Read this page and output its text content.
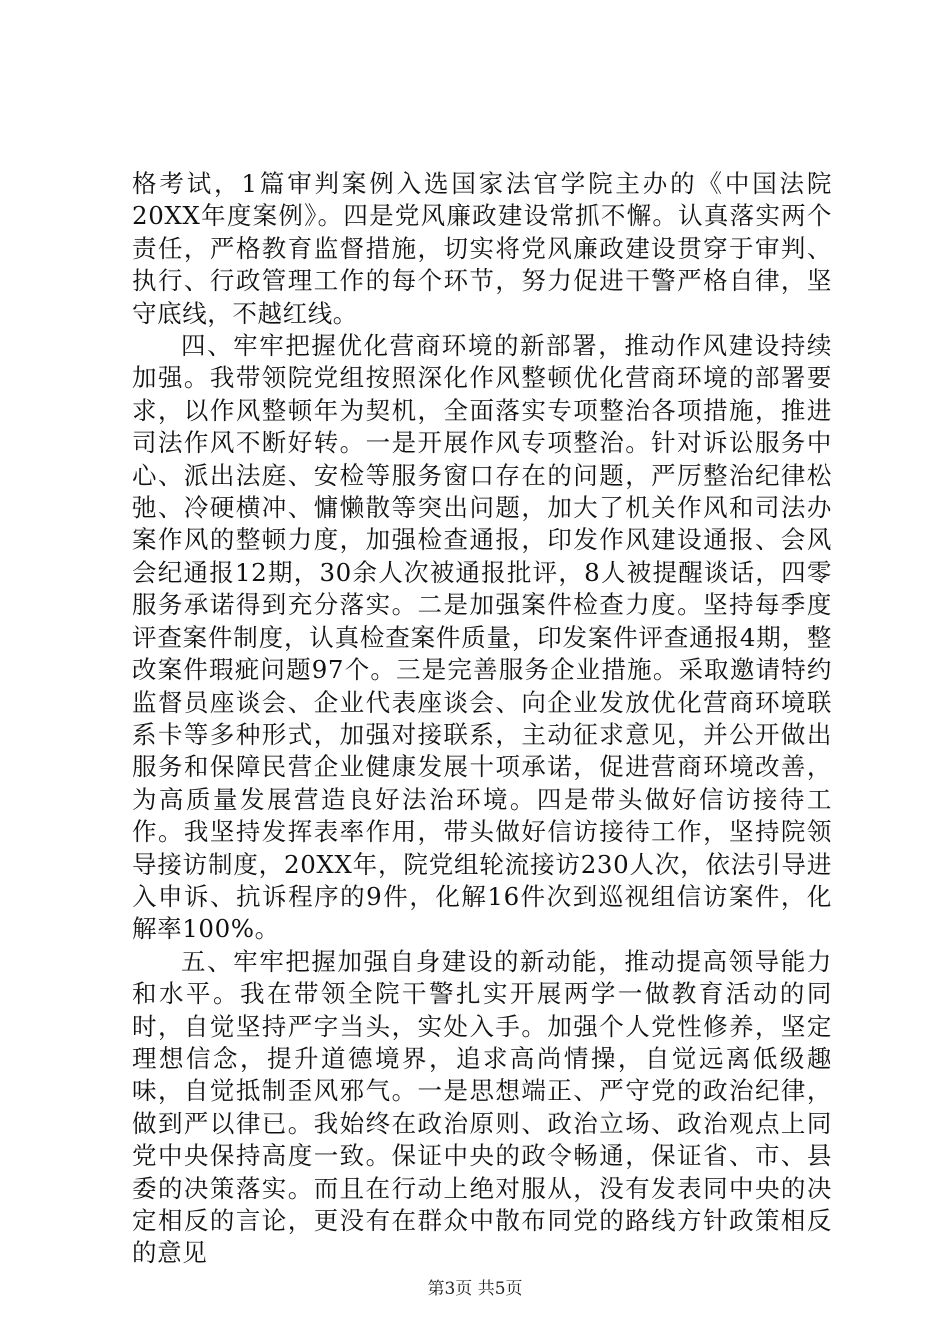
格考试，1篇审判案例入选国家法官学院主办的《中国法院20XX年度案例》。四是党风廉政建设常抓不懈。认真落实两个责任，严格教育监督措施，切实将党风廉政建设贯穿于审判、执行、行政管理工作的每个环节，努力促进干警严格自律，坚守底线，不越红线。

四、牢牢把握优化营商环境的新部署，推动作风建设持续加强。我带领院党组按照深化作风整顿优化营商环境的部署要求，以作风整顿年为契机，全面落实专项整治各项措施，推进司法作风不断好转。一是开展作风专项整治。针对诉讼服务中心、派出法庭、安检等服务窗口存在的问题，严厉整治纪律松弛、冷硬横冲、慵懒散等突出问题，加大了机关作风和司法办案作风的整顿力度，加强检查通报，印发作风建设通报、会风会纪通报12期，30余人次被通报批评，8人被提醒谈话，四零服务承诺得到充分落实。二是加强案件检查力度。坚持每季度评查案件制度，认真检查案件质量，印发案件评查通报4期，整改案件瑕疵问题97个。三是完善服务企业措施。采取邀请特约监督员座谈会、企业代表座谈会、向企业发放优化营商环境联系卡等多种形式，加强对接联系，主动征求意见，并公开做出服务和保障民营企业健康发展十项承诺，促进营商环境改善，为高质量发展营造良好法治环境。四是带头做好信访接待工作。我坚持发挥表率作用，带头做好信访接待工作，坚持院领导接访制度，20XX年，院党组轮流接访230人次，依法引导进入申诉、抗诉程序的9件，化解16件次到巡视组信访案件，化解率100%。

五、牢牢把握加强自身建设的新动能，推动提高领导能力和水平。我在带领全院干警扎实开展两学一做教育活动的同时，自觉坚持严字当头，实处入手。加强个人党性修养，坚定理想信念，提升道德境界，追求高尚情操，自觉远离低级趣味，自觉抵制歪风邪气。一是思想端正、严守党的政治纪律，做到严以律已。我始终在政治原则、政治立场、政治观点上同党中央保持高度一致。保证中央的政令畅通，保证省、市、县委的决策落实。而且在行动上绝对服从，没有发表同中央的决定相反的言论，更没有在群众中散布同党的路线方针政策相反的意见

第3页 共5页
